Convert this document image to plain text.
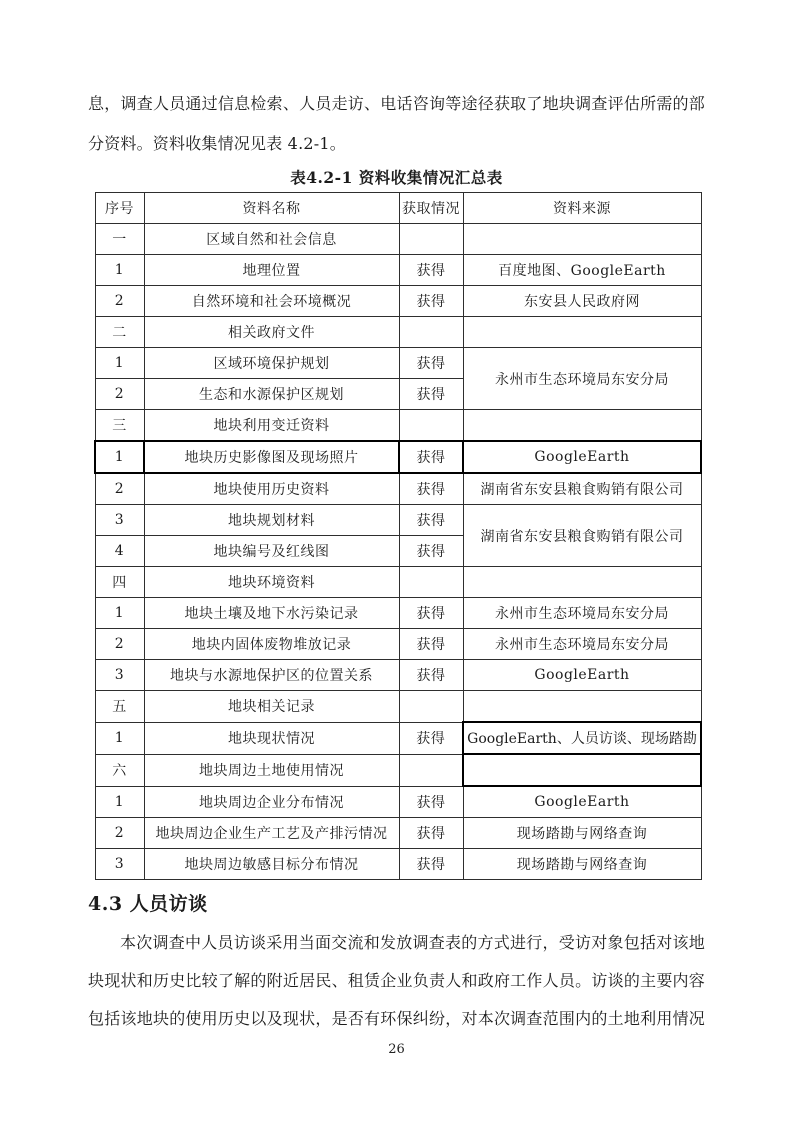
息，调查人员通过信息检索、人员走访、电话咨询等途径获取了地块调查评估所需的部
分资料。资料收集情况见表 4.2-1。
表4.2-1 资料收集情况汇总表
序号	资料名称	获取情况	资料来源
一	区域自然和社会信息		
1	地理位置	获得	百度地图、GoogleEarth
2	自然环境和社会环境概况	获得	东安县人民政府网
二	相关政府文件		
1	区域环境保护规划	获得	永州市生态环境局东安分局
2	生态和水源保护区规划	获得	
三	地块利用变迁资料		
1	地块历史影像图及现场照片	获得	GoogleEarth
2	地块使用历史资料	获得	湖南省东安县粮食购销有限公司
3	地块规划材料	获得	湖南省东安县粮食购销有限公司
4	地块编号及红线图	获得	
四	地块环境资料		
1	地块土壤及地下水污染记录	获得	永州市生态环境局东安分局
2	地块内固体废物堆放记录	获得	永州市生态环境局东安分局
3	地块与水源地保护区的位置关系	获得	GoogleEarth
五	地块相关记录		
1	地块现状情况	获得	GoogleEarth、人员访谈、现场踏勘
六	地块周边土地使用情况		
1	地块周边企业分布情况	获得	GoogleEarth
2	地块周边企业生产工艺及产排污情况	获得	现场踏勘与网络查询
3	地块周边敏感目标分布情况	获得	现场踏勘与网络查询
4.3 人员访谈
本次调查中人员访谈采用当面交流和发放调查表的方式进行，受访对象包括对该地
块现状和历史比较了解的附近居民、租赁企业负责人和政府工作人员。访谈的主要内容
包括该地块的使用历史以及现状，是否有环保纠纷，对本次调查范围内的土地利用情况
26
